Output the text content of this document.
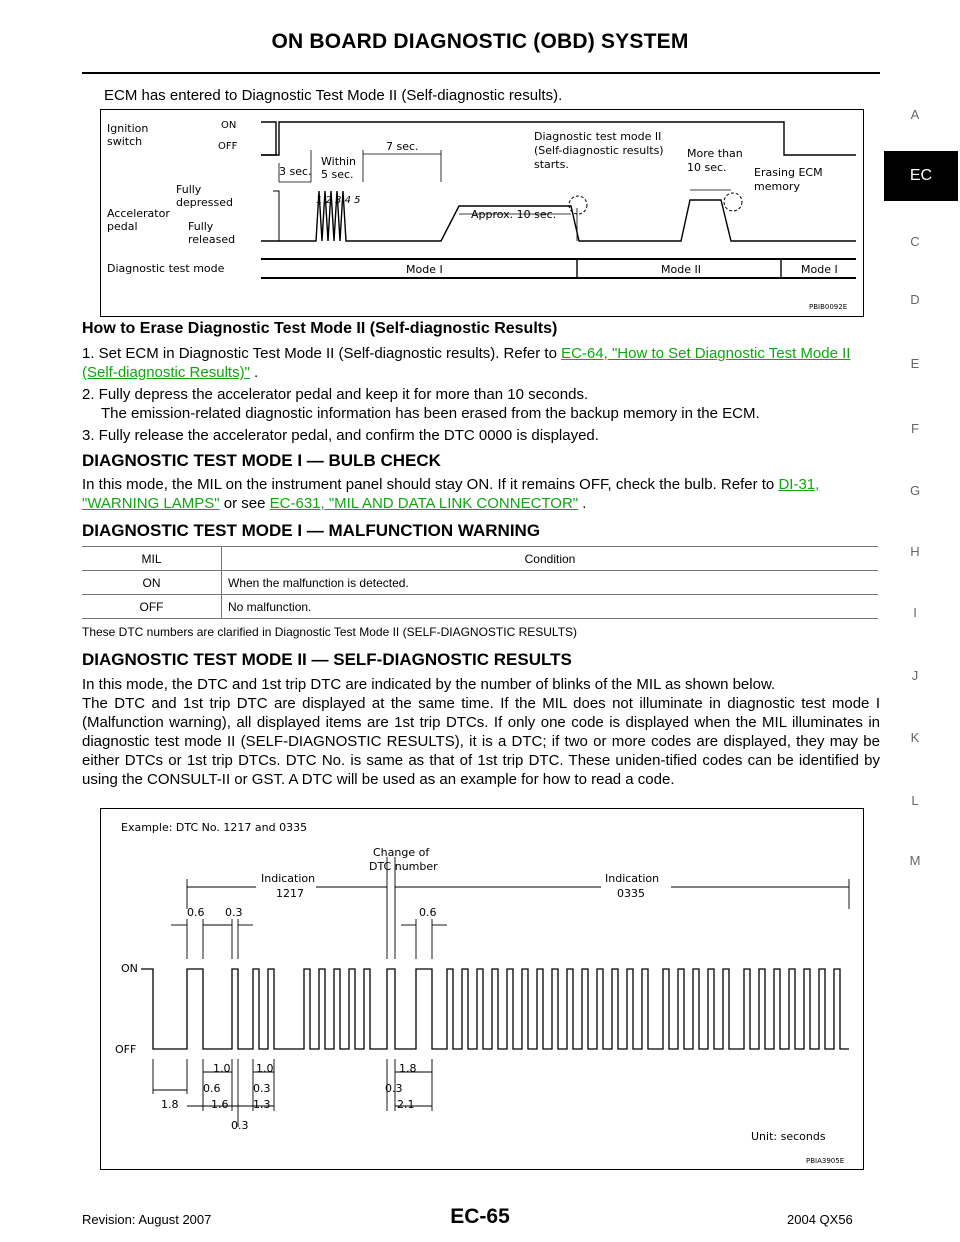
ON BOARD DIAGNOSTIC (OBD) SYSTEM
A
EC
C
D
E
F
G
H
I
J
K
L
M

ECM has entered to Diagnostic Test Mode II (Self-diagnostic results).

Ignition
switch
ON
OFF
Fully
depressed
Accelerator
pedal	Fully
released
Diagnostic test mode
3 sec.
Within
5 sec.
7 sec.
1 2 3 4 5
Approx. 10 sec.
Diagnostic test mode II
(Self-diagnostic results)
starts.
More than
10 sec. Erasing ECM
memory
Mode I	Mode II	Mode I
PBIB0092E
How to Erase Diagnostic Test Mode II (Self-diagnostic Results)
1. Set ECM in Diagnostic Test Mode II (Self-diagnostic results). Refer to EC-64, "How to Set Diagnostic Test Mode II (Self-diagnostic Results)" .

2. Fully depress the accelerator pedal and keep it for more than 10 seconds.

The emission-related diagnostic information has been erased from the backup memory in the ECM.

3. Fully release the accelerator pedal, and confirm the DTC 0000 is displayed.

DIAGNOSTIC TEST MODE I — BULB CHECK
In this mode, the MIL on the instrument panel should stay ON. If it remains OFF, check the bulb. Refer to DI-31, "WARNING LAMPS" or see EC-631, "MIL AND DATA LINK CONNECTOR" .
DIAGNOSTIC TEST MODE I — MALFUNCTION WARNING
MIL	Condition
ON	When the malfunction is detected.
OFF	No malfunction.
These DTC numbers are clarified in Diagnostic Test Mode II (SELF-DIAGNOSTIC RESULTS)
DIAGNOSTIC TEST MODE II — SELF-DIAGNOSTIC RESULTS

In this mode, the DTC and 1st trip DTC are indicated by the number of blinks of the MIL as shown below.

The DTC and 1st trip DTC are displayed at the same time. If the MIL does not illuminate in diagnostic test mode I (Malfunction warning), all displayed items are 1st trip DTCs. If only one code is displayed when the MIL illuminates in diagnostic test mode II (SELF-DIAGNOSTIC RESULTS), it is a DTC; if two or more codes are displayed, they may be either DTCs or 1st trip DTCs. DTC No. is same as that of 1st trip DTC. These uniden-tified codes can be identified by using the CONSULT-II or GST. A DTC will be used as an example for how to read a code.

Example: DTC No. 1217 and 0335
Change of
DTC number
Indication
1217
Indication
0335
ON
OFF
Unit: seconds
0.6 0.3	0.6
1.0 1.0	1.8
0.6	0.3	0.3
1.8	1.6 1.3	2.1
0.3
PBIA3905E
Revision: August 2007	EC-65	2004 QX56
